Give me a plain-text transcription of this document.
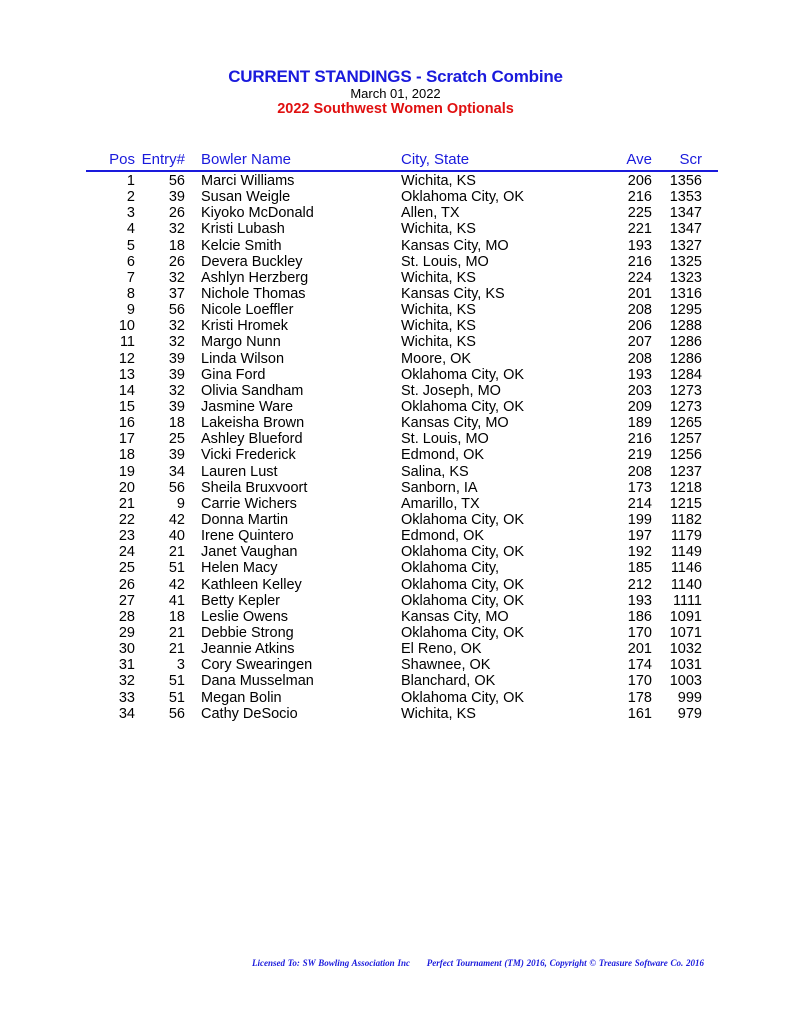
CURRENT STANDINGS - Scratch Combine
March 01, 2022
2022 Southwest Women Optionals
Pos Entry# Bowler Name	City, State	Ave Scr
1 56 Marci Williams	Wichita, KS	206 1356
2 39 Susan Weigle	Oklahoma City, OK	216 1353
3 26 Kiyoko McDonald	Allen, TX	225 1347
4 32 Kristi Lubash	Wichita, KS	221 1347
5 18 Kelcie Smith	Kansas City, MO	193 1327
6 26 Devera Buckley	St. Louis, MO	216 1325
7 32 Ashlyn Herzberg	Wichita, KS	224 1323
8 37 Nichole Thomas	Kansas City, KS	201 1316
9 56 Nicole Loeffler	Wichita, KS	208 1295
10 32 Kristi Hromek	Wichita, KS	206 1288
11 32 Margo Nunn	Wichita, KS	207 1286
12 39 Linda Wilson	Moore, OK	208 1286
13 39 Gina Ford	Oklahoma City, OK	193 1284
14 32 Olivia Sandham	St. Joseph, MO	203 1273
15 39 Jasmine Ware	Oklahoma City, OK	209 1273
16 18 Lakeisha Brown	Kansas City, MO	189 1265
17 25 Ashley Blueford	St. Louis, MO	216 1257
18 39 Vicki Frederick	Edmond, OK	219 1256
19 34 Lauren Lust	Salina, KS	208 1237
20 56 Sheila Bruxvoort	Sanborn, IA	173 1218
21	9 Carrie Wichers	Amarillo, TX	214 1215
22 42 Donna Martin	Oklahoma City, OK	199 1182
23 40 Irene Quintero	Edmond, OK	197 1179
24 21 Janet Vaughan	Oklahoma City, OK	192 1149
25 51 Helen Macy	Oklahoma City,	185 1146
26 42 Kathleen Kelley	Oklahoma City, OK	212 1140
27 41 Betty Kepler	Oklahoma City, OK	193 1111
28 18 Leslie Owens	Kansas City, MO	186 1091
29 21 Debbie Strong	Oklahoma City, OK	170 1071
30 21 Jeannie Atkins	El Reno, OK	201 1032
31	3 Cory Swearingen	Shawnee, OK	174 1031
32 51 Dana Musselman	Blanchard, OK	170 1003
33 51 Megan Bolin	Oklahoma City, OK	178 999
34 56 Cathy DeSocio	Wichita, KS	161 979
Licensed To: SW Bowling Association Inc Perfect Tournament (TM) 2016, Copyright © Treasure Software Co. 2016
